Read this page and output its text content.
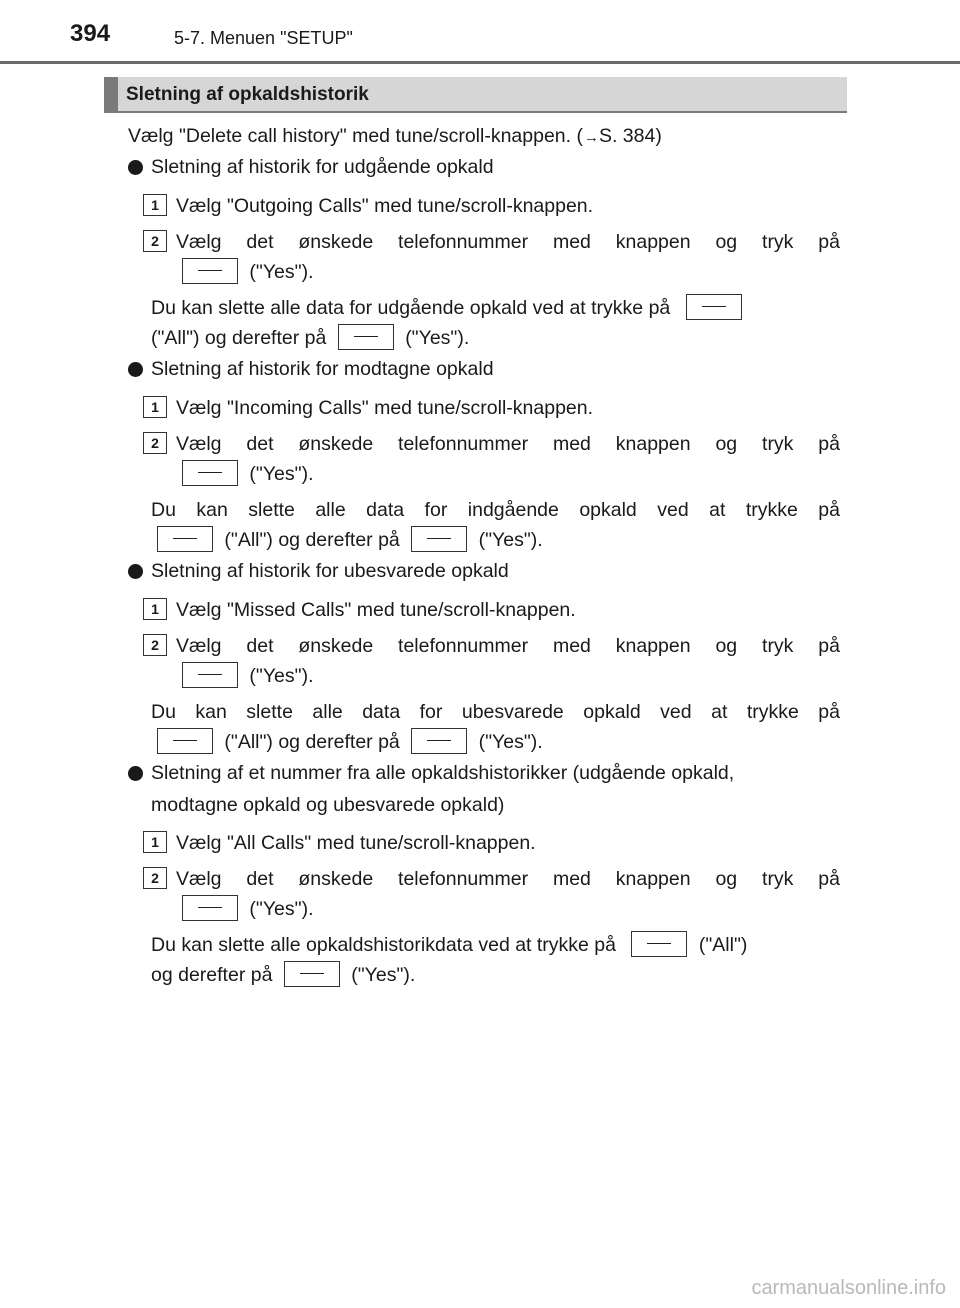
394	5-7. Menuen "SETUP"
Sletning af opkaldshistorik
Vælg "Delete call history" med tune/scroll-knappen. (→S. 384)
Sletning af historik for udgående opkald
1 Vælg "Outgoing Calls" med tune/scroll-knappen.
2 Vælg det ønskede telefonnummer med knappen og tryk på
("Yes").
Du kan slette alle data for udgående opkald ved at trykke på
("All") og derefter på	("Yes").
Sletning af historik for modtagne opkald
1 Vælg "Incoming Calls" med tune/scroll-knappen.
2 Vælg det ønskede telefonnummer med knappen og tryk på
("Yes").
Du kan slette alle data for indgående opkald ved at trykke på
("All") og derefter på	("Yes").
Sletning af historik for ubesvarede opkald
1 Vælg "Missed Calls" med tune/scroll-knappen.
2 Vælg det ønskede telefonnummer med knappen og tryk på
("Yes").
Du kan slette alle data for ubesvarede opkald ved at trykke på
("All") og derefter på	("Yes").
Sletning af et nummer fra alle opkaldshistorikker (udgående opkald,
modtagne opkald og ubesvarede opkald)
1 Vælg "All Calls" med tune/scroll-knappen.
2 Vælg det ønskede telefonnummer med knappen og tryk på
("Yes").
Du kan slette alle opkaldshistorikdata ved at trykke på	("All")
og derefter på	("Yes").
carmanualsonline.info
